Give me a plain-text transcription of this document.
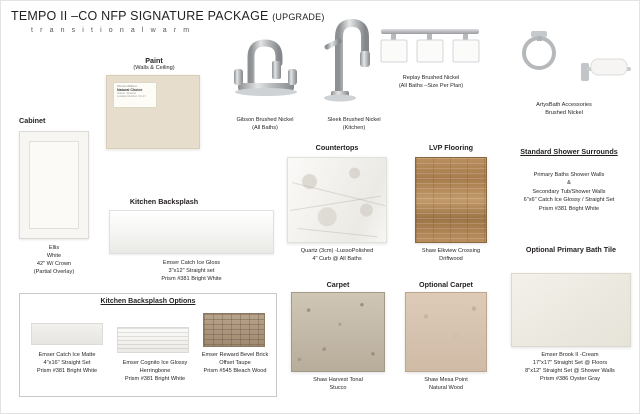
TEMPO II –CO NFP SIGNATURE PACKAGE (UPGRADE)
t r a n s i t i o n a l w a r m
Paint
(Walls & Ceiling)
Sherwin-Williams
Natural Choice
Interior / Exterior
Location Number: OC-17
Cabinet
Ellis
White
42" W/ Crown
(Partial Overlay)
Gibson Brushed Nickel
(All Baths)
Sleek Brushed Nickel
(Kitchen)
Replay Brushed Nickel
(All Baths –Size Per Plan)
ArtysBath Accessories
Brushed Nickel
Kitchen Backsplash
Emser Catch Ice Gloss
3"x12" Straight set
Prism #381 Bright White
Countertops
Quartz (3cm) -LussoPolished
4" Curb @ All Baths
LVP Flooring
Shaw Elkview Crossing
Driftwood
Standard Shower Surrounds
Primary Baths Shower Walls
&
Secondary Tub/Shower Walls
6"x6" Catch Ice Glossy / Straight Set
Prism #381 Bright White
Carpet
Shaw Harvest Tonal
Stucco
Optional Carpet
Shaw Mesa Point
Natural Wood
Optional Primary Bath Tile
Emser Brook II -Cream
17"x17" Straight Set @ Floors
8"x12" Straight Set @ Shower Walls
Prism #386 Oyster Gray
Kitchen Backsplash Options
Emser Catch Ice Matte
4"x16" Straight Set
Prism #381 Bright White
Emser Cognito Ice Glossy
Herringbone
Prism #381 Bright White
Emser Reward Bevel Brick
Offset Taupe
Prism #545 Bleach Wood
